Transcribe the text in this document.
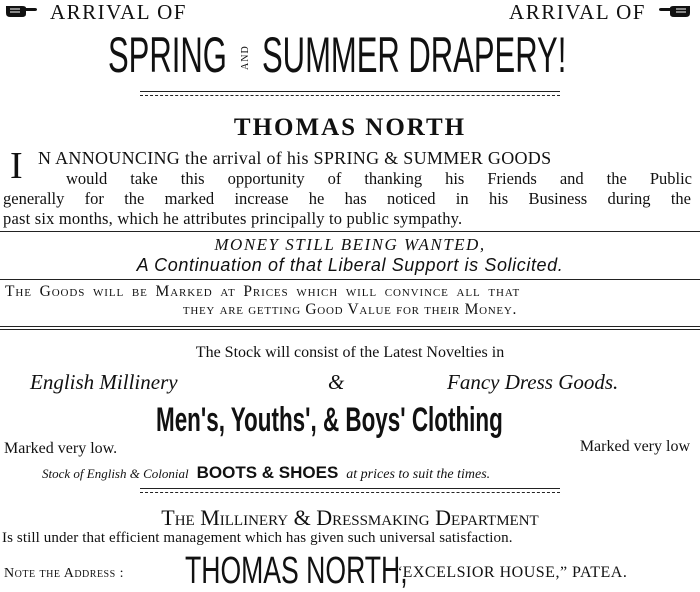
ARRIVAL OF	ARRIVAL OF
SPRING AND SUMMER DRAPERY!
THOMAS NORTH
I N ANNOUNCING the arrival of his SPRING & SUMMER GOODS
would take this opportunity of thanking his Friends and the Public
generally for the marked increase he has noticed in his Business during the
past six months, which he attributes principally to public sympathy.
MONEY STILL BEING WANTED,
A Continuation of that Liberal Support is Solicited.
The Goods will be Marked at Prices which will convince all that
they are getting Good Value for their Money.
The Stock will consist of the Latest Novelties in
English Millinery	&	Fancy Dress Goods.
Men's, Youths', & Boys' Clothing
Marked very low.	Marked very low
Stock of English & Colonial BOOTS & SHOES at prices to suit the times.
The Millinery & Dressmaking Department
Is still under that efficient management which has given such universal satisfaction.
Note the Address : THOMAS NORTH,
“EXCELSIOR HOUSE,” PATEA.
